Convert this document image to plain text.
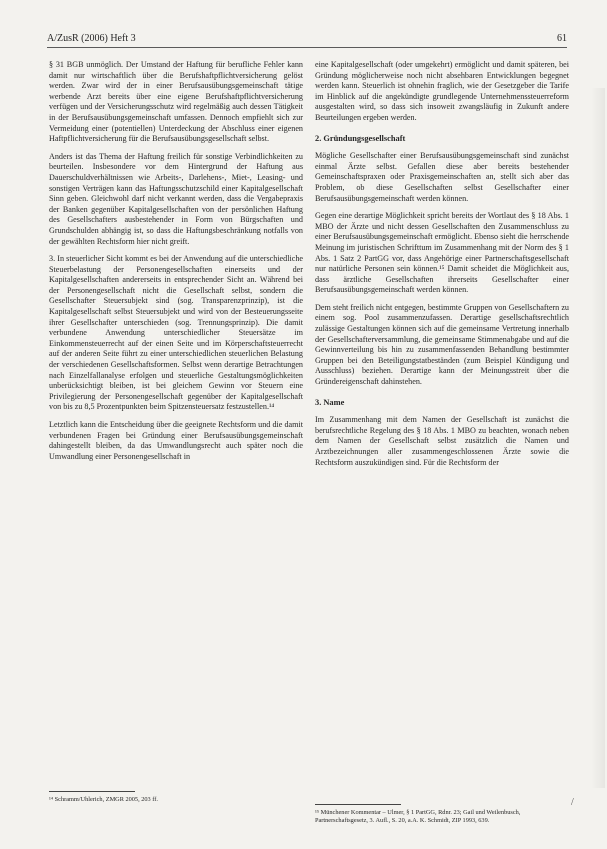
A/ZusR (2006) Heft 3	61

§ 31 BGB unmöglich. Der Umstand der Haftung für berufliche Fehler kann damit nur wirtschaftlich über die Berufshaftpflichtversicherung gelöst werden. Zwar wird der in einer Berufsausübungsgemeinschaft tätige werbende Arzt bereits über eine eigene Berufshaftpflichtversicherung verfügen und der Versicherungsschutz wird regelmäßig auch dessen Tätigkeit in der Berufsausübungsgemeinschaft umfassen. Dennoch empfiehlt sich zur Vermeidung einer (potentiellen) Unterdeckung der Abschluss einer eigenen Haftpflichtversicherung für die Berufsausübungsgesellschaft selbst.

Anders ist das Thema der Haftung freilich für sonstige Verbindlichkeiten zu beurteilen. Insbesondere vor dem Hintergrund der Haftung aus Dauerschuldverhältnissen wie Arbeits-, Darlehens-, Miet-, Leasing- und sonstigen Verträgen kann das Haftungsschutzschild einer Kapitalgesellschaft Sinn geben. Gleichwohl darf nicht verkannt werden, dass die Vergabepraxis der Banken gegenüber Kapitalgesellschaften von der persönlichen Haftung des Gesellschafters ausbestehender in Form von Bürgschaften und Grundschulden abhängig ist, so dass die Haftungsbeschränkung notfalls von der gewählten Rechtsform hier nicht greift.

3. In steuerlicher Sicht kommt es bei der Anwendung auf die unterschiedliche Steuerbelastung der Personengesellschaften einerseits und der Kapitalgesellschaften andererseits in entsprechender Sicht an. Während bei der Personengesellschaft nicht die Gesellschaft selbst, sondern die Gesellschafter Steuersubjekt sind (sog. Transparenzprinzip), ist die Kapitalgesellschaft selbst Steuersubjekt und wird von der Besteuerungsseite ihrer Gesellschafter unterschieden (sog. Trennungsprinzip). Die damit verbundene Anwendung unterschiedlicher Steuersätze im Einkommensteuerrecht auf der einen Seite und im Körperschaftsteuerrecht auf der anderen Seite führt zu einer unterschiedlichen steuerlichen Belastung der verschiedenen Gesellschaftsformen. Selbst wenn derartige Betrachtungen nach Einzelfallanalyse erfolgen und steuerliche Gestaltungsmöglichkeiten unberücksichtigt bleiben, ist bei gleichem Gewinn vor Steuern eine Privilegierung der Personengesellschaft gegenüber der Kapitalgesellschaft von bis zu 8,5 Prozentpunkten beim Spitzensteuersatz festzustellen.¹⁴

Letztlich kann die Entscheidung über die geeignete Rechtsform und die damit verbundenen Fragen bei Gründung einer Berufsausübungsgemeinschaft dahingestellt bleiben, da das Umwandlungsrecht auch später noch die Umwandlung einer Personengesellschaft in

¹⁴ Schramm/Uhlerich, ZMGR 2005, 203 ff.

eine Kapitalgesellschaft (oder umgekehrt) ermöglicht und damit späteren, bei Gründung möglicherweise noch nicht absehbaren Entwicklungen begegnet werden kann. Steuerlich ist ohnehin fraglich, wie der Gesetzgeber die Tarife im Hinblick auf die angekündigte grundlegende Unternehmenssteuerreform ausgestalten wird, so dass sich insoweit zwangsläufig in Zukunft andere Beurteilungen ergeben werden.

2. Gründungsgesellschaft

Mögliche Gesellschafter einer Berufsausübungsgemeinschaft sind zunächst einmal Ärzte selbst. Gefallen diese aber bereits bestehender Gemeinschaftspraxen oder Praxisgemeinschaften an, stellt sich aber das Problem, ob diese Gesellschaften selbst Gesellschafter einer Berufsausübungsgemeinschaft werden können.

Gegen eine derartige Möglichkeit spricht bereits der Wortlaut des § 18 Abs. 1 MBO der Ärzte und nicht dessen Gesellschaften den Zusammenschluss zu einer Berufsausübungsgemeinschaft ermöglicht. Ebenso sieht die herrschende Meinung im juristischen Schrifttum im Zusammenhang mit der Norm des § 1 Abs. 1 Satz 2 PartGG vor, dass Angehörige einer Partnerschaftsgesellschaft nur natürliche Personen sein können.¹⁵ Damit scheidet die Möglichkeit aus, dass ärztliche Gesellschaften ihrerseits Gesellschafter einer Berufsausübungsgemeinschaft werden können.

Dem steht freilich nicht entgegen, bestimmte Gruppen von Gesellschaftern zu einem sog. Pool zusammenzufassen. Derartige gesellschaftsrechtlich zulässige Gestaltungen können sich auf die gemeinsame Vertretung innerhalb der Gesellschafterversammlung, die gemeinsame Stimmenabgabe und auf die Gewinnverteilung bis hin zu zusammenfassenden Behandlung bestimmter Gruppen bei den Beteiligungstatbeständen (zum Beispiel Kündigung und Ausschluss) beziehen. Derartige kann der Meinungsstreit über die Gründereigenschaft dahinstehen.

3. Name

Im Zusammenhang mit dem Namen der Gesellschaft ist zunächst die berufsrechtliche Regelung des § 18 Abs. 1 MBO zu beachten, wonach neben dem Namen der Gesellschaft selbst zusätzlich die Namen und Arztbezeichnungen aller zusammengeschlossenen Ärzte sowie die Rechtsform auszukündigen sind. Für die Rechtsform der

¹⁵ Münchener Kommentar – Ulmer, § 1 PartGG, Rdnr. 23; Gail und Weilenbusch, Partnerschaftsgesetz, 3. Aufl., S. 20, a.A. K. Schmidt, ZIP 1993, 639.

/
